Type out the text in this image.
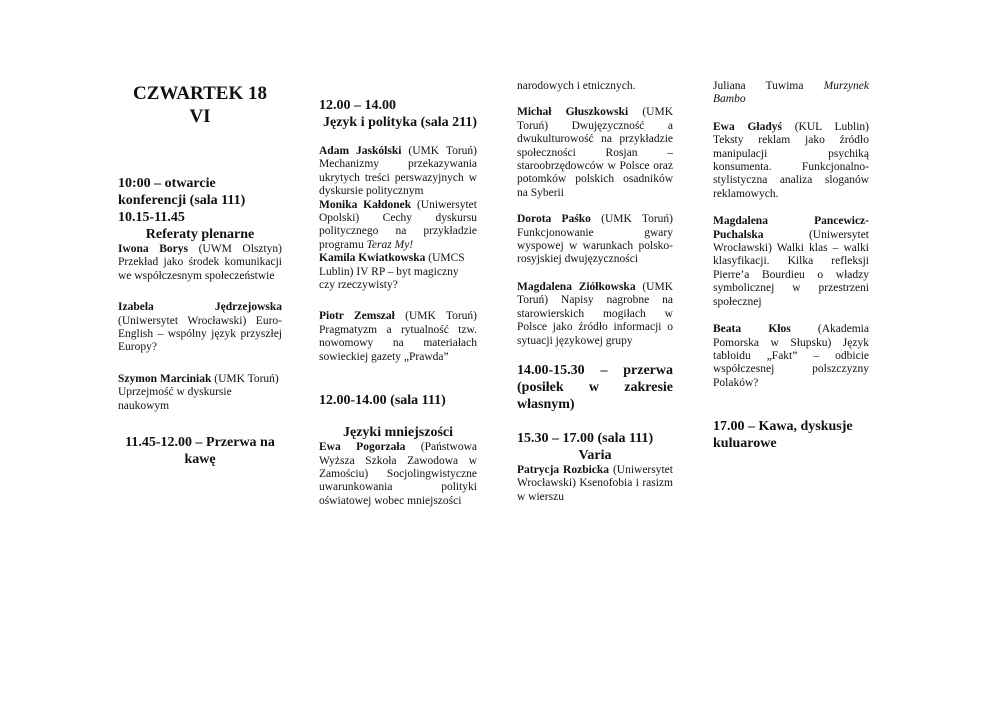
CZWARTEK 18
VI
10:00 – otwarcie konferencji (sala 111)
10.15-11.45
Referaty plenarne

Iwona Borys (UWM Olsztyn) Przekład jako środek komunikacji we współczesnym społeczeństwie

Izabela Jędrzejowska (Uniwersytet Wrocławski) Euro-English – wspólny język przyszłej Europy?

Szymon Marciniak (UMK Toruń) Uprzejmość w dyskursie naukowym

11.45-12.00 – Przerwa na kawę
12.00 – 14.00
Język i polityka (sala 211)

Adam Jaskólski (UMK Toruń) Mechanizmy przekazywania ukrytych treści perswazyjnych w dyskursie politycznym

Monika Kałdonek (Uniwersytet Opolski) Cechy dyskursu politycznego na przykładzie programu Teraz My!

Kamila Kwiatkowska (UMCS Lublin) IV RP – byt magiczny czy rzeczywisty?

Piotr Zemszał (UMK Toruń) Pragmatyzm a rytualność tzw. nowomowy na materiałach sowieckiej gazety „Prawda”

12.00-14.00 (sala 111)
Języki mniejszości

Ewa Pogorzała (Państwowa Wyższa Szkoła Zawodowa w Zamościu) Socjolingwistyczne uwarunkowania polityki oświatowej wobec mniejszości

narodowych i etnicznych.

Michał Głuszkowski (UMK Toruń) Dwujęzyczność a dwukulturowość na przykładzie społeczności Rosjan – staroobrzędowców w Polsce oraz potomków polskich osadników na Syberii

Dorota Paśko (UMK Toruń) Funkcjonowanie gwary wyspowej w warunkach polsko-rosyjskiej dwujęzyczności

Magdalena Ziółkowska (UMK Toruń) Napisy nagrobne na starowierskich mogiłach w Polsce jako źródło informacji o sytuacji językowej grupy

14.00-15.30 – przerwa (posiłek w zakresie własnym)
15.30 – 17.00 (sala 111)
Varia

Patrycja Rozbicka (Uniwersytet Wrocławski) Ksenofobia i rasizm w wierszu

Juliana Tuwima Murzynek Bambo

Ewa Gładyś (KUL Lublin) Teksty reklam jako źródło manipulacji psychiką konsumenta. Funkcjonalno-stylistyczna analiza sloganów reklamowych.

Magdalena Pancewicz-Puchalska (Uniwersytet Wrocławski) Walki klas – walki klasyfikacji. Kilka refleksji Pierre’a Bourdieu o władzy symbolicznej w przestrzeni społecznej

Beata Kłos (Akademia Pomorska w Słupsku) Język tabloidu „Fakt” – odbicie współczesnej polszczyzny Polaków?

17.00 – Kawa, dyskusje kuluarowe
